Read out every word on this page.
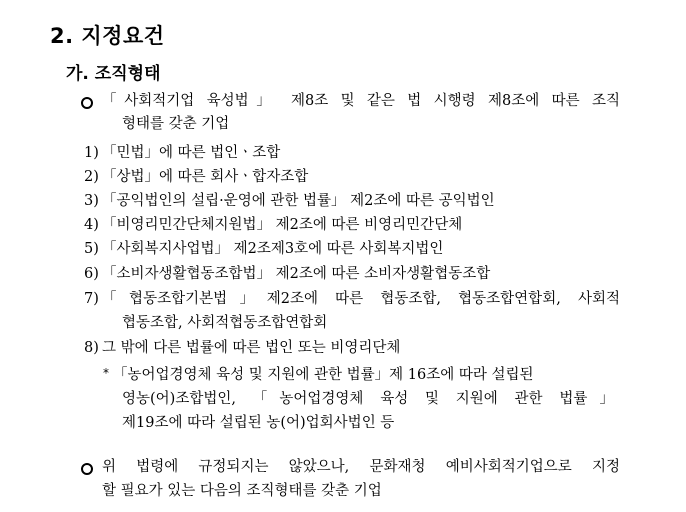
2. 지정요건
가. 조직형태
「사회적기업 육성법」 제8조 및 같은 법 시행령 제8조에 따른 조직
형태를 갖춘 기업
1) 「민법」에 따른 법인ㆍ조합
2) 「상법」에 따른 회사ㆍ합자조합
3) 「공익법인의 설립·운영에 관한 법률」 제2조에 따른 공익법인
4) 「비영리민간단체지원법」 제2조에 따른 비영리민간단체
5) 「사회복지사업법」 제2조제3호에 따른 사회복지법인
6) 「소비자생활협동조합법」 제2조에 따른 소비자생활협동조합
7) 「협동조합기본법」제2조에 따른 협동조합, 협동조합연합회, 사회적
협동조합, 사회적협동조합연합회
8) 그 밖에 다른 법률에 따른 법인 또는 비영리단체
* 「농어업경영체 육성 및 지원에 관한 법률」제 16조에 따라 설립된
영농(어)조합법인, 「농어업경영체 육성 및 지원에 관한 법률」
제19조에 따라 설립된 농(어)업회사법인 등
위 법령에 규정되지는 않았으나, 문화재청 예비사회적기업으로 지정
할 필요가 있는 다음의 조직형태를 갖춘 기업
